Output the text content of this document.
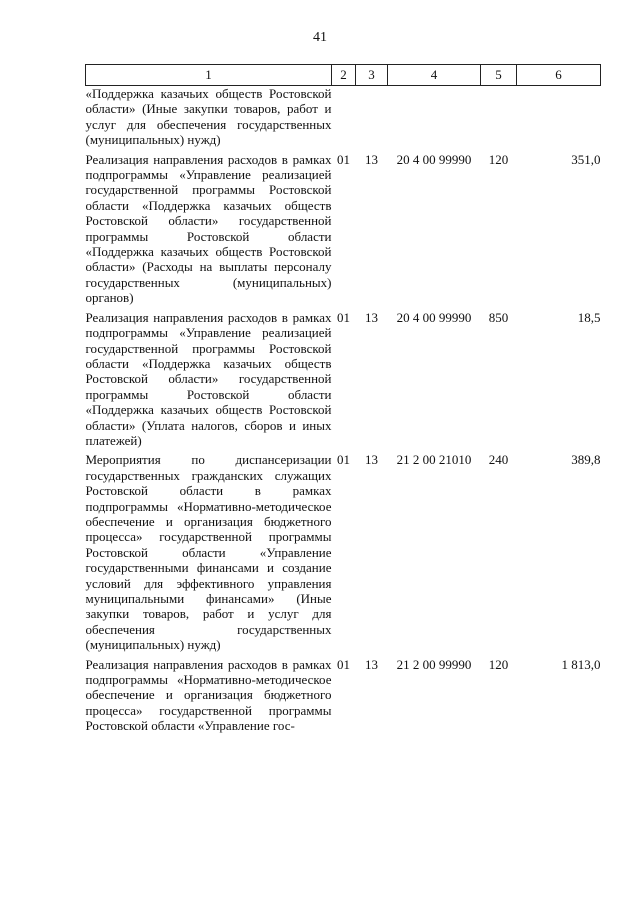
41
1	2	3	4	5	6
«Поддержка казачьих обществ Ростовской области» (Иные закупки товаров, работ и услуг для обеспечения государственных (муниципальных) нужд)					
Реализация направления расходов в рамках подпрограммы «Управление реализацией государственной программы Ростовской области «Поддержка казачьих обществ Ростовской области» государственной программы Ростовской области «Поддержка казачьих обществ Ростовской области» (Расходы на выплаты персоналу государственных (муниципальных) органов)	01	13	20 4 00 99990	120	351,0
Реализация направления расходов в рамках подпрограммы «Управление реализацией государственной программы Ростовской области «Поддержка казачьих обществ Ростовской области» государственной программы Ростовской области «Поддержка казачьих обществ Ростовской области» (Уплата налогов, сборов и иных платежей)	01	13	20 4 00 99990	850	18,5
Мероприятия по диспансеризации государственных гражданских служащих Ростовской области в рамках подпрограммы «Нормативно-методическое обеспечение и организация бюджетного процесса» государственной программы Ростовской области «Управление государственными финансами и создание условий для эффективного управления муниципальными финансами» (Иные закупки товаров, работ и услуг для обеспечения государственных (муниципальных) нужд)	01	13	21 2 00 21010	240	389,8
Реализация направления расходов в рамках подпрограммы «Нормативно-методическое обеспечение и организация бюджетного процесса» государственной программы Ростовской области «Управление гос-	01	13	21 2 00 99990	120	1 813,0
